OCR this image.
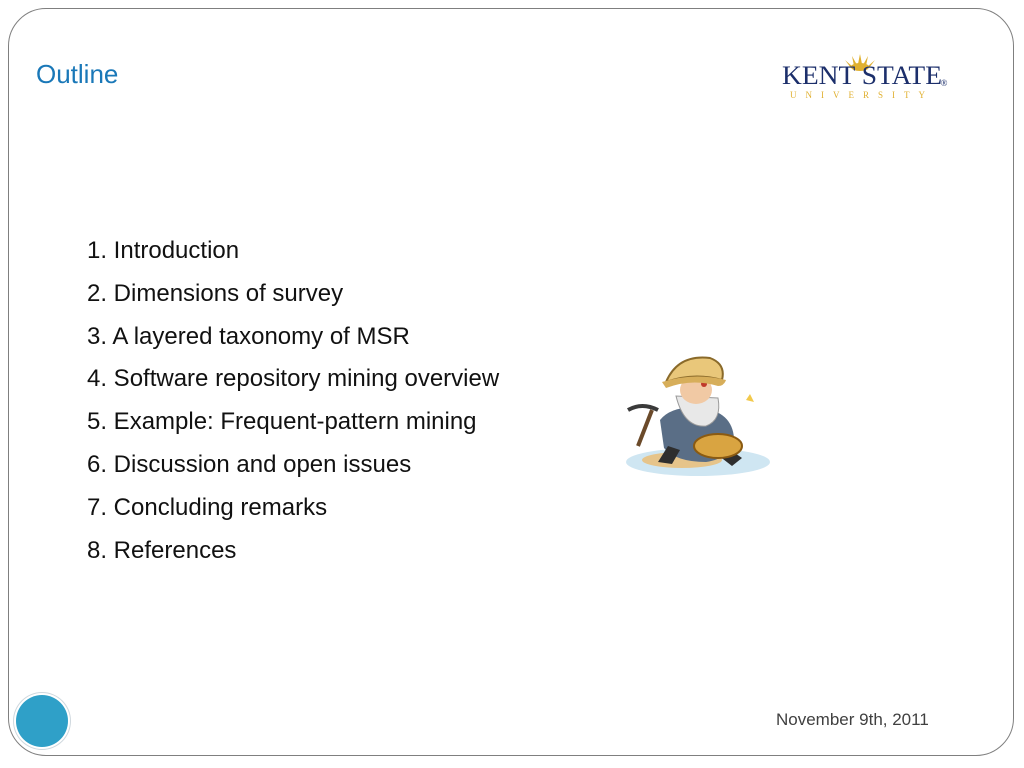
Outline	KENT STATE
®
UNIVERSITY
1. Introduction
2. Dimensions of survey
3. A layered taxonomy of MSR
4. Software repository mining overview
5. Example: Frequent-pattern mining
6. Discussion and open issues
7. Concluding remarks
8. References
November 9th, 2011
